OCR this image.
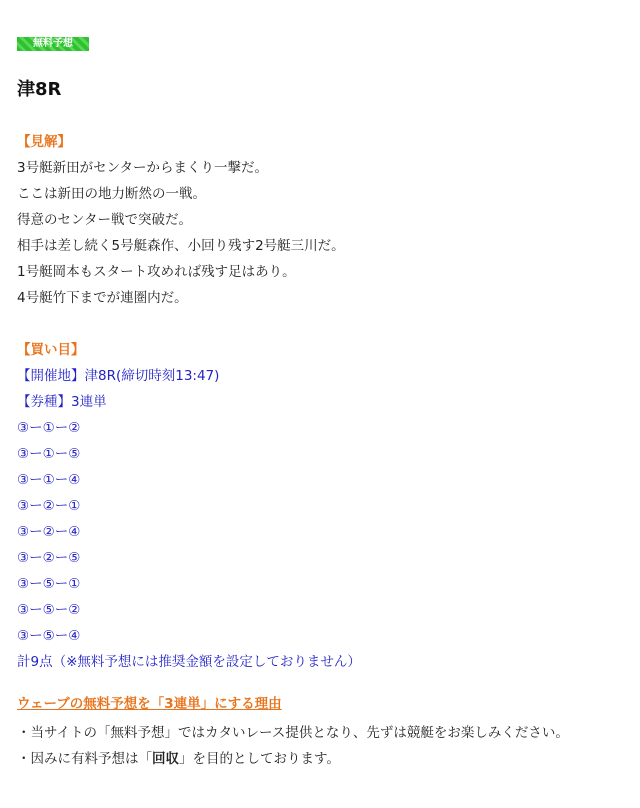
無料予想
津8R
【見解】
3号艇新田がセンターからまくり一撃だ。
ここは新田の地力断然の一戦。
得意のセンター戦で突破だ。
相手は差し続く5号艇森作、小回り残す2号艇三川だ。
1号艇岡本もスタート攻めれば残す足はあり。
4号艇竹下までが連圏内だ。
【買い目】
【開催地】津8R(締切時刻13:47)
【券種】3連単
③ー①ー②
③ー①ー⑤
③ー①ー④
③ー②ー①
③ー②ー④
③ー②ー⑤
③ー⑤ー①
③ー⑤ー②
③ー⑤ー④
計9点（※無料予想には推奨金額を設定しておりません）
ウェーブの無料予想を「3連単」にする理由
・当サイトの「無料予想」ではカタいレース提供となり、先ずは競艇をお楽しみください。
・因みに有料予想は「回収」を目的としております。
